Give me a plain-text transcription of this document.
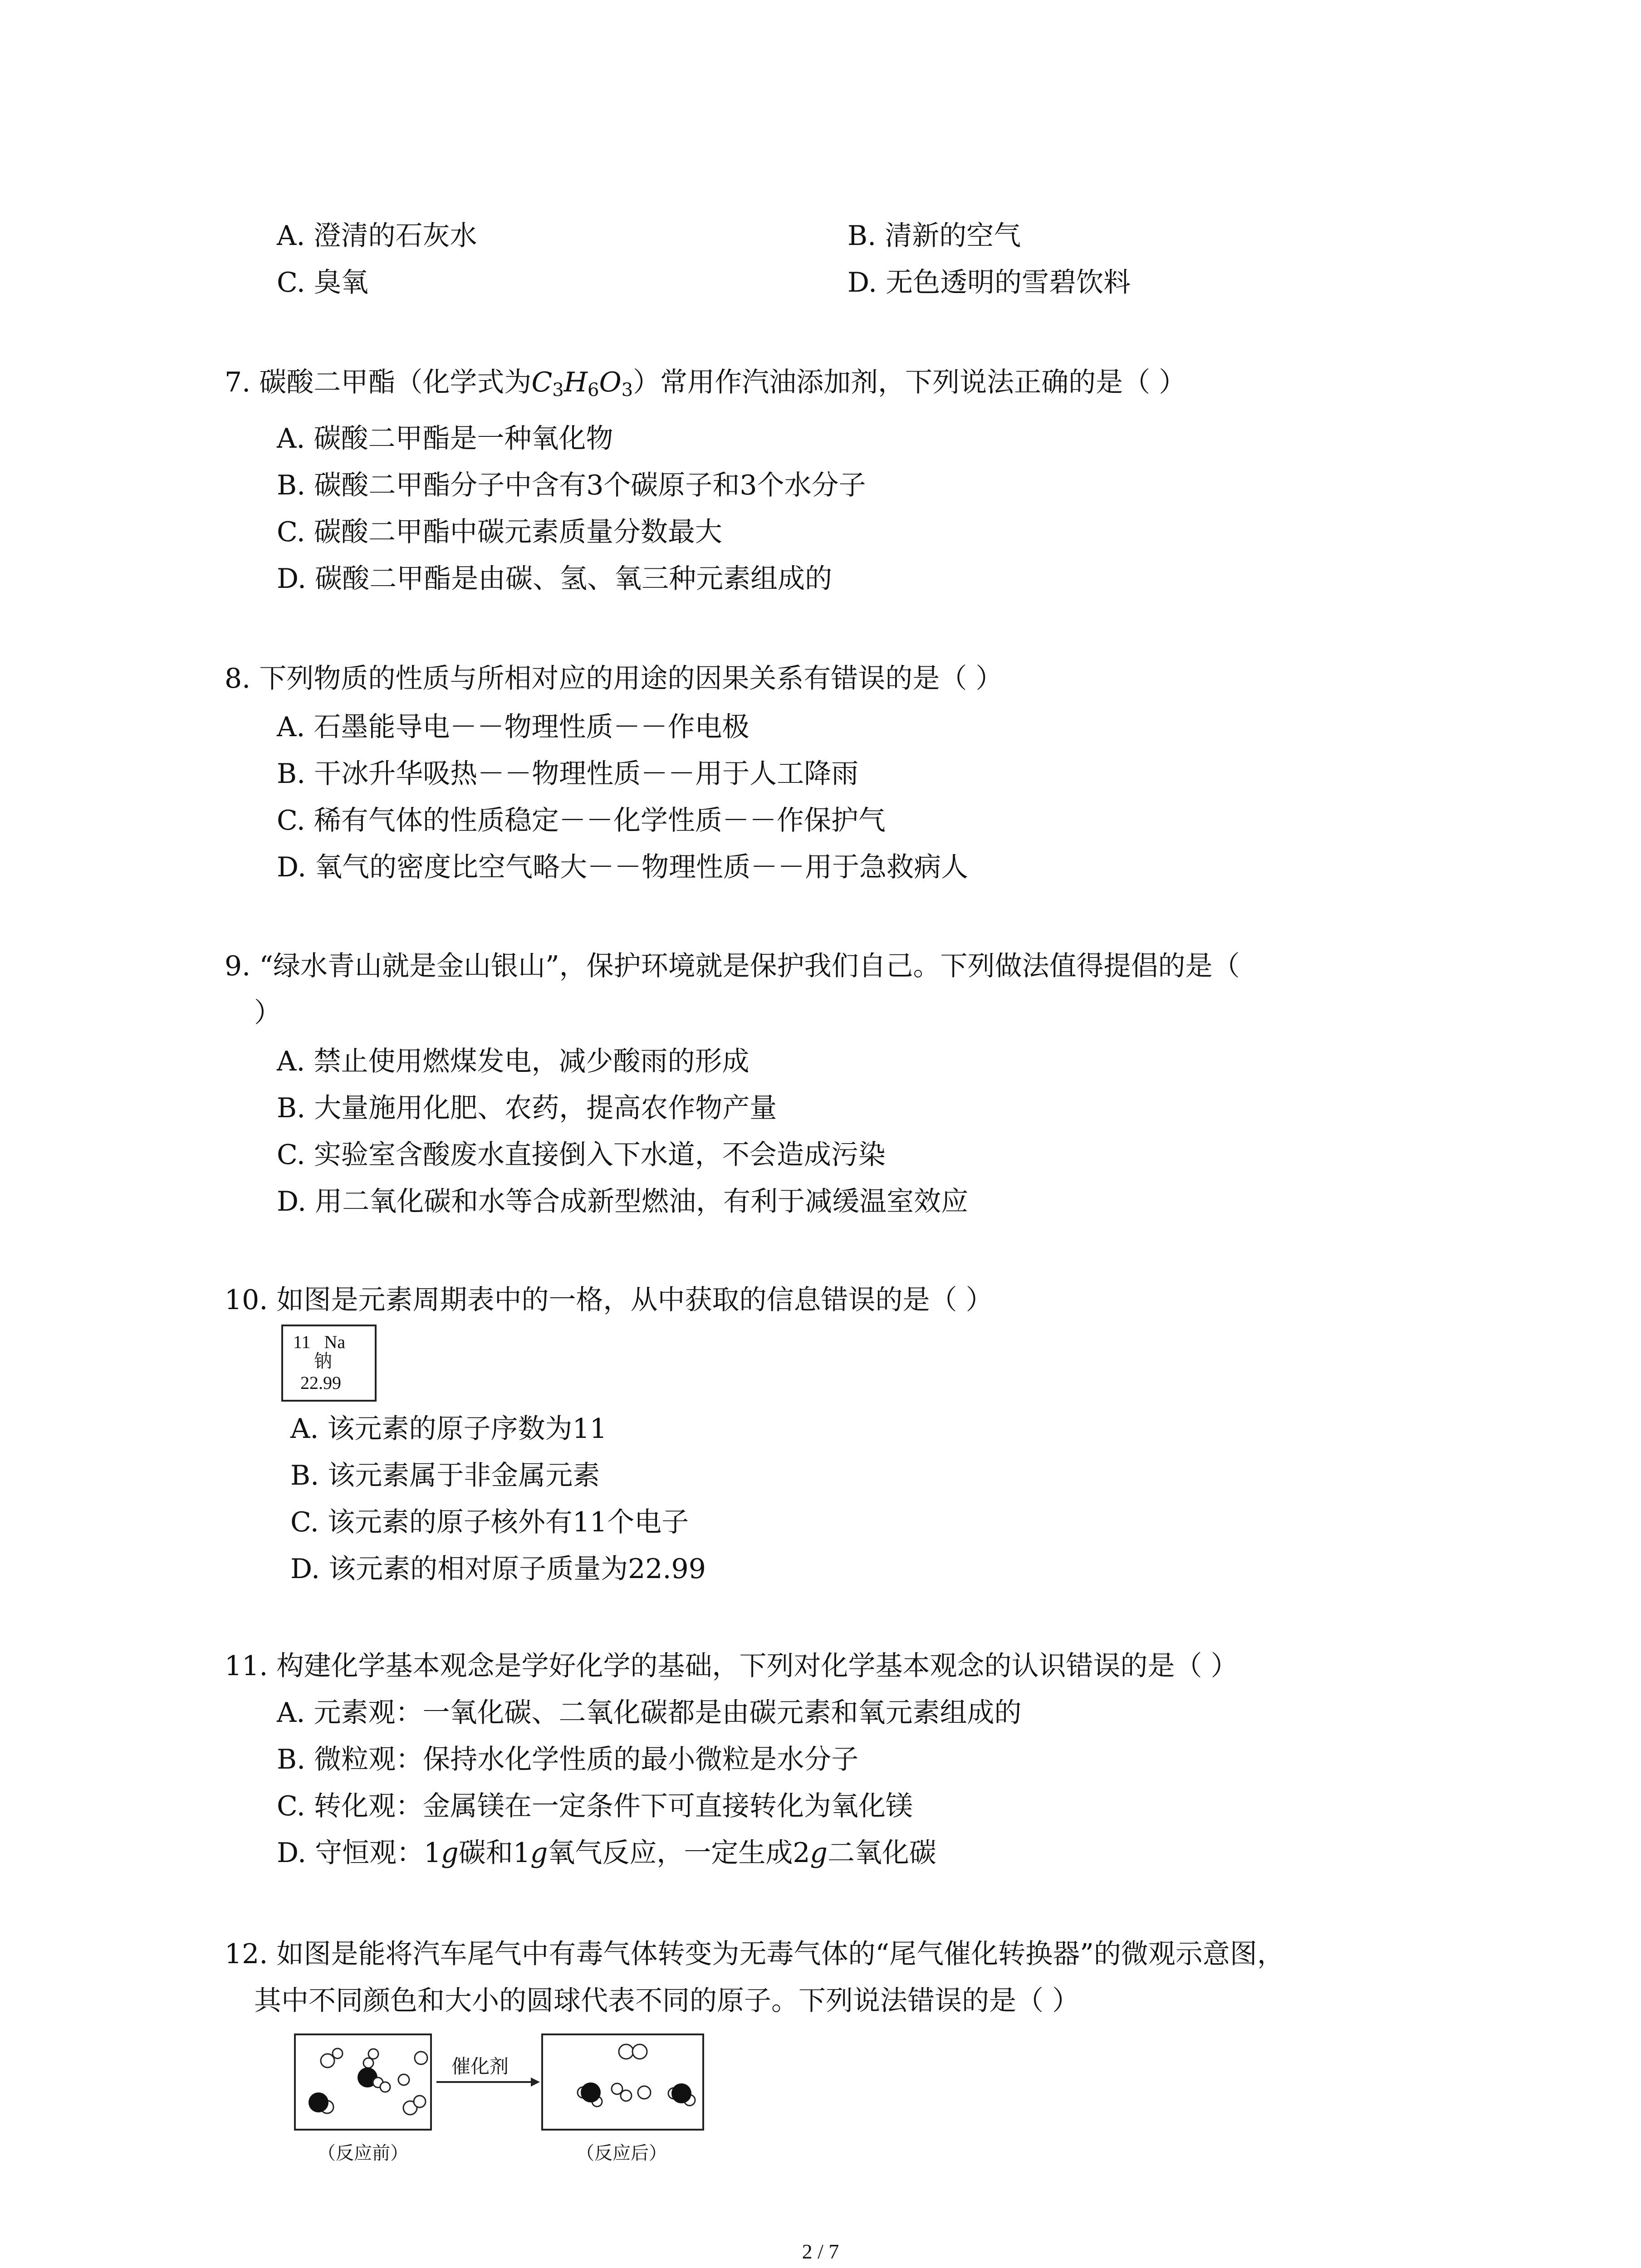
A. 澄清的石灰水	B. 清新的空气
C. 臭氧	D. 无色透明的雪碧饮料
7. 碳酸二甲酯（化学式为$C_3H_6O_3$）常用作汽油添加剂，下列说法正确的是（ ）
A. 碳酸二甲酯是一种氧化物
B. 碳酸二甲酯分子中含有3个碳原子和3个水分子
C. 碳酸二甲酯中碳元素质量分数最大
D. 碳酸二甲酯是由碳、氢、氧三种元素组成的
8. 下列物质的性质与所相对应的用途的因果关系有错误的是（ ）
A. 石墨能导电－－物理性质－－作电极
B. 干冰升华吸热－－物理性质－－用于人工降雨
C. 稀有气体的性质稳定－－化学性质－－作保护气
D. 氧气的密度比空气略大－－物理性质－－用于急救病人
9. “绿水青山就是金山银山”，保护环境就是保护我们自己。下列做法值得提倡的是（
）
A. 禁止使用燃煤发电，减少酸雨的形成
B. 大量施用化肥、农药，提高农作物产量
C. 实验室含酸废水直接倒入下水道，不会造成污染
D. 用二氧化碳和水等合成新型燃油，有利于减缓温室效应
10. 如图是元素周期表中的一格，从中获取的信息错误的是（ ）
11 Na
钠
22.99
A. 该元素的原子序数为11
B. 该元素属于非金属元素
C. 该元素的原子核外有11个电子
D. 该元素的相对原子质量为22.99
11. 构建化学基本观念是学好化学的基础，下列对化学基本观念的认识错误的是（ ）
A. 元素观：一氧化碳、二氧化碳都是由碳元素和氧元素组成的
B. 微粒观：保持水化学性质的最小微粒是水分子
C. 转化观：金属镁在一定条件下可直接转化为氧化镁
D. 守恒观：1g碳和1g氧气反应，一定生成2g二氧化碳
12. 如图是能将汽车尾气中有毒气体转变为无毒气体的“尾气催化转换器”的微观示意图，
其中不同颜色和大小的圆球代表不同的原子。下列说法错误的是（ ）
催化剂
（反应前）	（反应后）
2 / 7
